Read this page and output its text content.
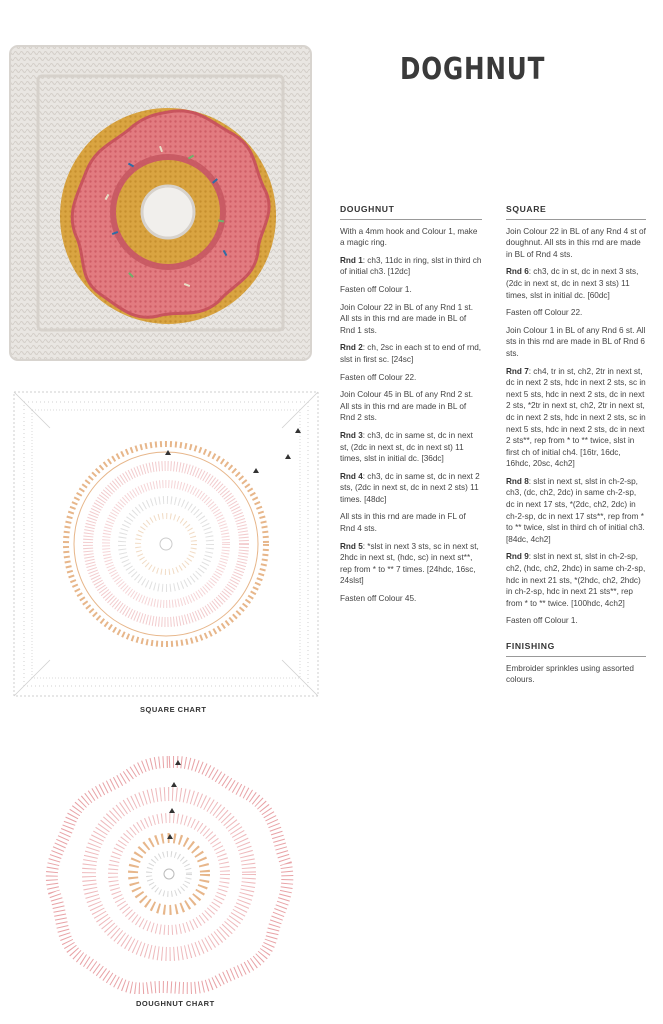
DOGHNUT
SQUARE CHART
DOUGHNUT CHART
DOUGHNUT

With a 4mm hook and Colour 1, make a magic ring.

Rnd 1: ch3, 11dc in ring, slst in third ch of initial ch3. [12dc]

Fasten off Colour 1.

Join Colour 22 in BL of any Rnd 1 st. All sts in this rnd are made in BL of Rnd 1 sts.

Rnd 2: ch, 2sc in each st to end of rnd, slst in first sc. [24sc]

Fasten off Colour 22.

Join Colour 45 in BL of any Rnd 2 st. All sts in this rnd are made in BL of Rnd 2 sts.

Rnd 3: ch3, dc in same st, dc in next st, (2dc in next st, dc in next st) 11 times, slst in initial dc. [36dc]

Rnd 4: ch3, dc in same st, dc in next 2 sts, (2dc in next st, dc in next 2 sts) 11 times. [48dc]

All sts in this rnd are made in FL of Rnd 4 sts.

Rnd 5: *slst in next 3 sts, sc in next st, 2hdc in next st, (hdc, sc) in next st**, rep from * to ** 7 times. [24hdc, 16sc, 24slst]

Fasten off Colour 45.

SQUARE

Join Colour 22 in BL of any Rnd 4 st of doughnut. All sts in this rnd are made in BL of Rnd 4 sts.

Rnd 6: ch3, dc in st, dc in next 3 sts, (2dc in next st, dc in next 3 sts) 11 times, slst in initial dc. [60dc]

Fasten off Colour 22.

Join Colour 1 in BL of any Rnd 6 st. All sts in this rnd are made in BL of Rnd 6 sts.

Rnd 7: ch4, tr in st, ch2, 2tr in next st, dc in next 2 sts, hdc in next 2 sts, sc in next 5 sts, hdc in next 2 sts, dc in next 2 sts, *2tr in next st, ch2, 2tr in next st, dc in next 2 sts, hdc in next 2 sts, sc in next 5 sts, hdc in next 2 sts, dc in next 2 sts**, rep from * to ** twice, slst in first ch of initial ch4. [16tr, 16dc, 16hdc, 20sc, 4ch2]

Rnd 8: slst in next st, slst in ch-2-sp, ch3, (dc, ch2, 2dc) in same ch-2-sp, dc in next 17 sts, *(2dc, ch2, 2dc) in ch-2-sp, dc in next 17 sts**, rep from * to ** twice, slst in third ch of initial ch3. [84dc, 4ch2]

Rnd 9: slst in next st, slst in ch-2-sp, ch2, (hdc, ch2, 2hdc) in same ch-2-sp, hdc in next 21 sts, *(2hdc, ch2, 2hdc) in ch-2-sp, hdc in next 21 sts**, rep from * to ** twice. [100hdc, 4ch2]

Fasten off Colour 1.

FINISHING

Embroider sprinkles using assorted colours.
